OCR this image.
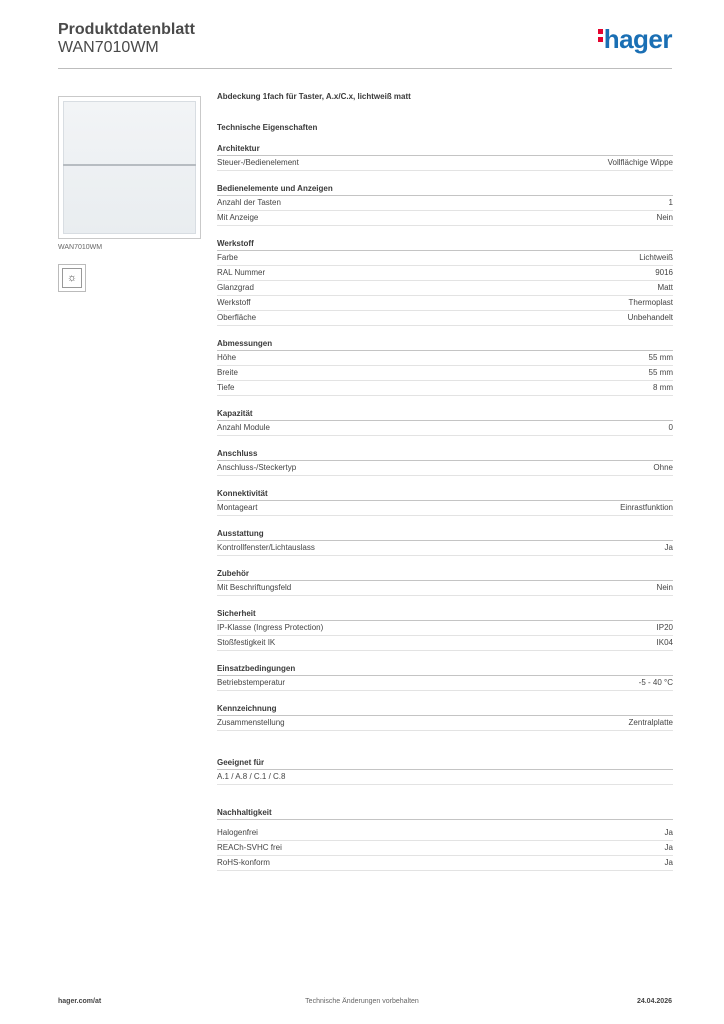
Produktdatenblatt
WAN7010WM	hager
WAN7010WM
☼
Abdeckung 1fach für Taster, A.x/C.x, lichtweiß matt
Technische Eigenschaften
Architektur
Steuer-/Bedienelement	Vollflächige Wippe
Bedienelemente und Anzeigen
Anzahl der Tasten	1
Mit Anzeige	Nein
Werkstoff
Farbe	Lichtweiß
RAL Nummer	9016
Glanzgrad	Matt
Werkstoff	Thermoplast
Oberfläche	Unbehandelt
Abmessungen
Höhe	55 mm
Breite	55 mm
Tiefe	8 mm
Kapazität
Anzahl Module	0
Anschluss
Anschluss-/Steckertyp	Ohne
Konnektivität
Montageart	Einrastfunktion
Ausstattung
Kontrollfenster/Lichtauslass	Ja
Zubehör
Mit Beschriftungsfeld	Nein
Sicherheit
IP-Klasse (Ingress Protection)	IP20
Stoßfestigkeit IK	IK04
Einsatzbedingungen
Betriebstemperatur	-5 - 40 °C
Kennzeichnung
Zusammenstellung	Zentralplatte
Geeignet für
A.1 / A.8 / C.1 / C.8
Nachhaltigkeit
Halogenfrei	Ja
REACh-SVHC frei	Ja
RoHS-konform	Ja
hager.com/at	Technische Änderungen vorbehalten	24.04.2026
